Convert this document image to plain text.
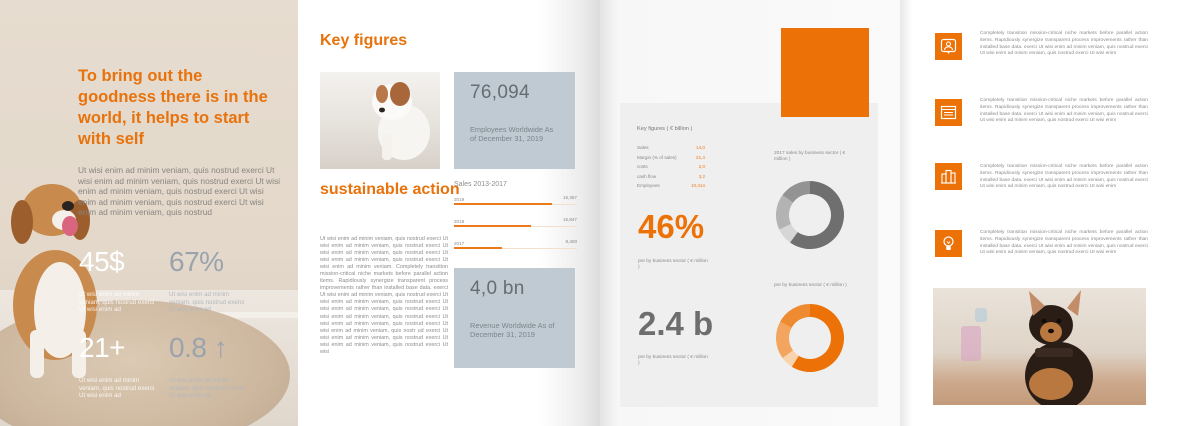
To bring out the goodness there is in the world, it helps to start with self
Ut wisi enim ad minim veniam, quis nostrud exerci Ut wisi enim ad minim veniam, quis nostrud exerci Ut wisi enim ad minim veniam, quis nostrud exerci Ut wisi enim ad minim veniam, quis nostrud exerci Ut wisi enim ad minim veniam, quis nostrud
45$
Ut wisi enim ad minim veniam, quis nostrud exerci Ut wisi enim ad
67%
Ut wisi enim ad minim veniam, quis nostrud exerci Ut wisi enim ad
21+
Ut wisi enim ad minim veniam, quis nostrud exerci Ut wisi enim ad
0.8 ↑
Ut wisi enim ad minim veniam, quis nostrud exerci Ut wisi enim ad
Key figures
76,094
Employees Worldwide As of December 31, 2019
sustainable action
Ut wisi enim ad minim veniam, quis nostrud exerci Ut wisi enim ad minim veniam, quis nostrud exerci Ut wisi enim ad minim veniam, quis nostrud exerci Ut wisi enim ad minim veniam, quis nostrud exerci Ut wisi enim ad minim veniam. Completely transition mission-critical niche markets before parallel action items. Rapidiously synergize transparent process improvements rather than installed base data. exerci Ut wisi enim ad minim veniam, quis nostrud exerci Ut wisi enim ad minim veniam, quis nostrud exerci Ut wisi enim ad minim veniam, quis nostrud exerci Ut wisi enim ad minim veniam, quis nostrud exerci Ut wisi enim ad minim veniam, quis nostrud exerci Ut wisi enim ad minim veniam, quis nostr ud exerci Ut wisi enim ad minim veniam, quis nostrud exerci Ut wisi enim ad minim veniam, quis nostrud exerci Ut wisi
Sales 2013-2017
2019	15,357
2018	15,847
2017	8,400
4,0 bn
Revenue Worldwide As of December 31, 2019
Key figures ( € billion )
Sales	14,0
Margin (% of sales)	21,4
costs	2,0
cash flow	3,2
Employees	10,414
46%
pre by business sector ( € million )
2.4 b
pre by business sector ( € million )
2017 sales by business sector ( € million )
pre by business sector ( € million )
Completely transition mission-critical niche markets before parallel action items. Rapidiously synergize transparent process improvements rather than installed base data. exerci Ut wisi enim ad minim veniam, quis nostrud exerci Ut wisi enim ad minim veniam, quis nostrud exerci Ut wisi enim
Completely transition mission-critical niche markets before parallel action items. Rapidiously synergize transparent process improvements rather than installed base data. exerci Ut wisi enim ad minim veniam, quis nostrud exerci Ut wisi enim ad minim veniam, quis nostrud exerci Ut wisi enim
Completely transition mission-critical niche markets before parallel action items. Rapidiously synergize transparent process improvements rather than installed base data. exerci Ut wisi enim ad minim veniam, quis nostrud exerci Ut wisi enim ad minim veniam, quis nostrud exerci Ut wisi enim
Completely transition mission-critical niche markets before parallel action items. Rapidiously synergize transparent process improvements rather than installed base data. exerci Ut wisi enim ad minim veniam, quis nostrud exerci Ut wisi enim ad minim veniam, quis nostrud exerci Ut wisi enim
